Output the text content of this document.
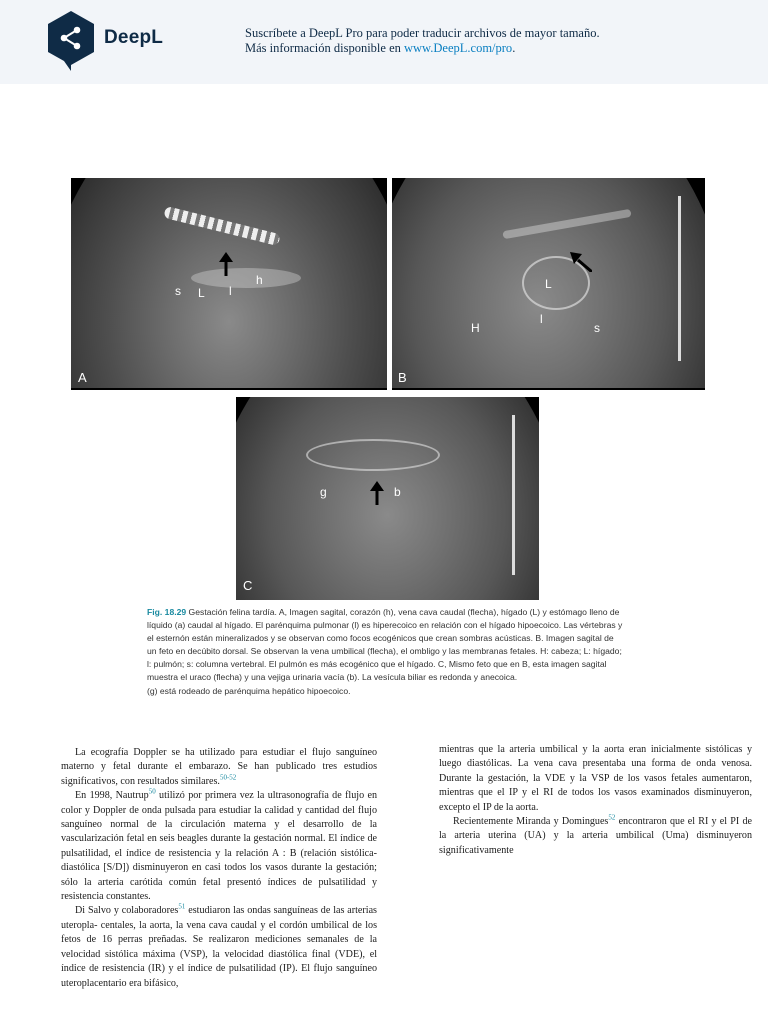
DeepL	Suscríbete a DeepL Pro para poder traducir archivos de mayor tamaño.
Más información disponible en www.DeepL.com/pro.
A
s L l
h
B
L
H
l
s
C
g	b

Fig. 18.29 Gestación felina tardía. A, Imagen sagital, corazón (h), vena cava caudal (flecha), hígado (L) y estómago lleno de líquido (a) caudal al hígado. El parénquima pulmonar (l) es hiperecoico en relación con el hígado hipoecoico. Las vértebras y el esternón están mineralizados y se observan como focos ecogénicos que crean sombras acústicas. B. Imagen sagital de un feto en decúbito dorsal. Se observan la vena umbilical (flecha), el ombligo y las membranas fetales. H: cabeza; L: hígado; l: pulmón; s: columna vertebral. El pulmón es más ecogénico que el hígado. C, Mismo feto que en B, esta imagen sagital muestra el uraco (flecha) y una vejiga urinaria vacía (b). La vesícula biliar es redonda y anecoica.

(g) está rodeado de parénquima hepático hipoecoico.

La ecografía Doppler se ha utilizado para estudiar el flujo sanguíneo materno y fetal durante el embarazo. Se han publicado tres estudios significativos, con resultados similares.$^{50-52}$

En 1998, Nautrup$^{50}$ utilizó por primera vez la ultrasonografía de flujo en color y Doppler de onda pulsada para estudiar la calidad y cantidad del flujo sanguíneo normal de la circulación materna y el desarrollo de la vascularización fetal en seis beagles durante la gestación normal. El índice de pulsatilidad, el índice de resistencia y la relación A : B (relación sistólica-diastólica [S/D]) disminuyeron en casi todos los vasos durante la gestación; sólo la arteria carótida común fetal presentó índices de pulsatilidad y resistencia constantes.

Di Salvo y colaboradores$^{51}$ estudiaron las ondas sanguíneas de las arterias uteropla- centales, la aorta, la vena cava caudal y el cordón umbilical de los fetos de 16 perras preñadas. Se realizaron mediciones semanales de la velocidad sistólica máxima (VSP), la velocidad diastólica final (VDE), el índice de resistencia (IR) y el índice de pulsatilidad (IP). El flujo sanguíneo uteroplacentario era bifásico,

mientras que la arteria umbilical y la aorta eran inicialmente sistólicas y luego diastólicas. La vena cava presentaba una forma de onda venosa. Durante la gestación, la VDE y la VSP de los vasos fetales aumentaron, mientras que el IP y el RI de todos los vasos examinados disminuyeron, excepto el IP de la aorta.

Recientemente Miranda y Domingues$^{52}$ encontraron que el RI y el PI de la arteria uterina (UA) y la arteria umbilical (Uma) disminuyeron significativamente
